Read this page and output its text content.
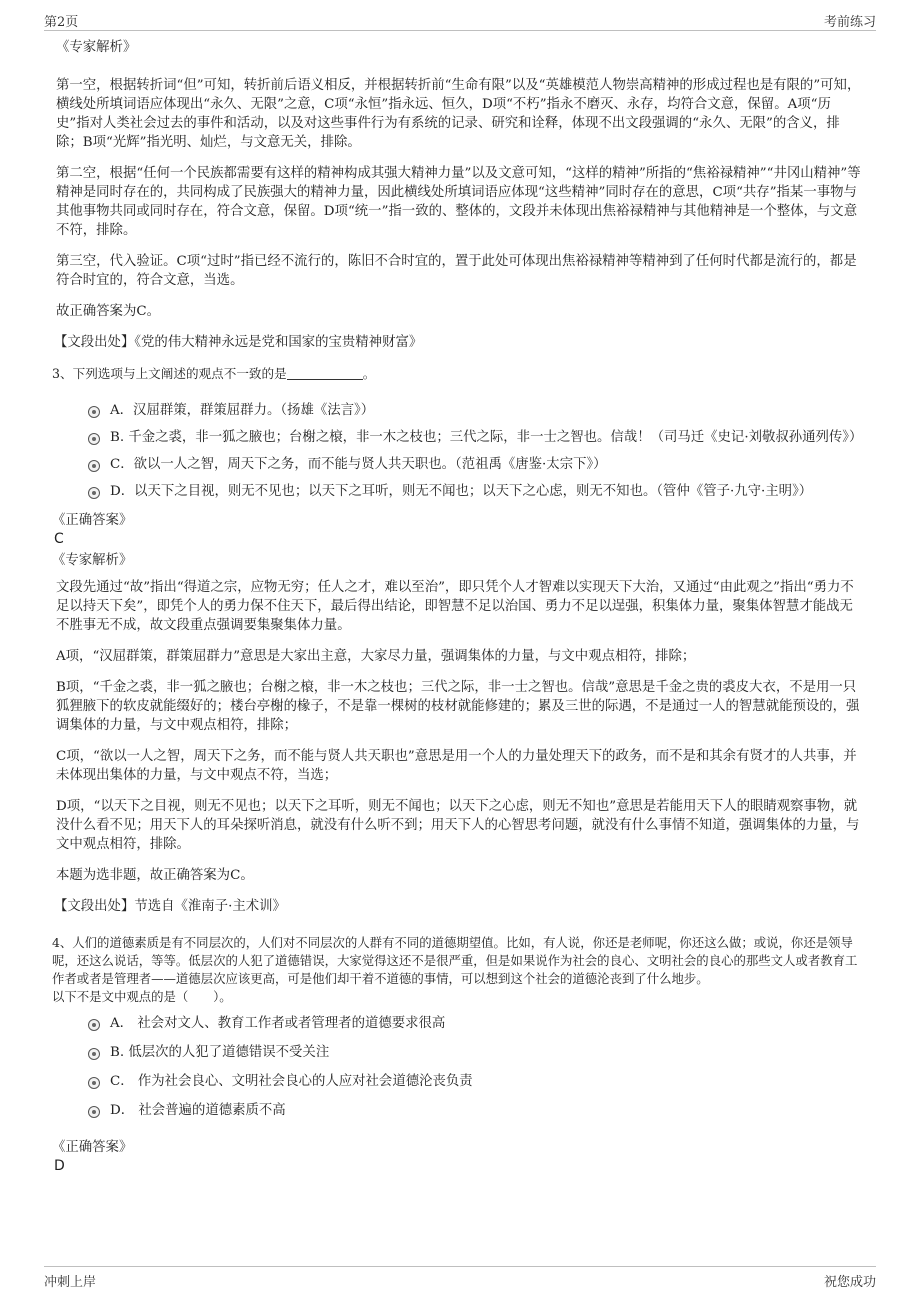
第2页	考前练习

《专家解析》

第一空，根据转折词“但”可知，转折前后语义相反，并根据转折前“生命有限”以及“英雄模范人物崇高精神的形成过程也是有限的”可知，横线处所填词语应体现出“永久、无限”之意，C项“永恒”指永远、恒久，D项“不朽”指永不磨灭、永存，均符合文意，保留。A项“历史”指对人类社会过去的事件和活动，以及对这些事件行为有系统的记录、研究和诠释，体现不出文段强调的“永久、无限”的含义，排除；B项“光辉”指光明、灿烂，与文意无关，排除。

第二空，根据“任何一个民族都需要有这样的精神构成其强大精神力量”以及文意可知，“这样的精神”所指的“焦裕禄精神”“井冈山精神”等精神是同时存在的，共同构成了民族强大的精神力量，因此横线处所填词语应体现“这些精神”同时存在的意思，C项“共存”指某一事物与其他事物共同或同时存在，符合文意，保留。D项“统一”指一致的、整体的，文段并未体现出焦裕禄精神与其他精神是一个整体，与文意不符，排除。

第三空，代入验证。C项“过时”指已经不流行的，陈旧不合时宜的，置于此处可体现出焦裕禄精神等精神到了任何时代都是流行的，都是符合时宜的，符合文意，当选。

故正确答案为C。

【文段出处】《党的伟大精神永远是党和国家的宝贵精神财富》

3、下列选项与上文阐述的观点不一致的是	。
A．汉屈群策，群策屈群力。（扬雄《法言》）
B. 千金之裘，非一狐之腋也；台榭之榱，非一木之枝也；三代之际，非一士之智也。信哉！（司马迁《史记·刘敬叔孙通列传》）
C．欲以一人之智，周天下之务，而不能与贤人共天职也。（范祖禹《唐鉴·太宗下》）
D．以天下之目视，则无不见也；以天下之耳听，则无不闻也；以天下之心虑，则无不知也。（管仲《管子·九守·主明》）

《正确答案》

C

《专家解析》

文段先通过“故”指出“得道之宗，应物无穷；任人之才，难以至治”，即只凭个人才智难以实现天下大治，又通过“由此观之”指出“勇力不足以持天下矣”，即凭个人的勇力保不住天下，最后得出结论，即智慧不足以治国、勇力不足以逞强，积集体力量，聚集体智慧才能战无不胜事无不成，故文段重点强调要集聚集体力量。

A项，“汉屈群策，群策屈群力”意思是大家出主意，大家尽力量，强调集体的力量，与文中观点相符，排除；

B项，“千金之裘，非一狐之腋也；台榭之榱，非一木之枝也；三代之际，非一士之智也。信哉”意思是千金之贵的裘皮大衣，不是用一只狐狸腋下的软皮就能缀好的；楼台亭榭的椽子，不是靠一棵树的枝材就能修建的；累及三世的际遇，不是通过一人的智慧就能预设的，强调集体的力量，与文中观点相符，排除；

C项，“欲以一人之智，周天下之务，而不能与贤人共天职也”意思是用一个人的力量处理天下的政务，而不是和其余有贤才的人共事，并未体现出集体的力量，与文中观点不符，当选；

D项，“以天下之目视，则无不见也；以天下之耳听，则无不闻也；以天下之心虑，则无不知也”意思是若能用天下人的眼睛观察事物，就没什么看不见；用天下人的耳朵探听消息，就没有什么听不到；用天下人的心智思考问题，就没有什么事情不知道，强调集体的力量，与文中观点相符，排除。

本题为选非题，故正确答案为C。

【文段出处】节选自《淮南子·主术训》

4、人们的道德素质是有不同层次的，人们对不同层次的人群有不同的道德期望值。比如，有人说，你还是老师呢，你还这么做；或说，你还是领导呢，还这么说话，等等。低层次的人犯了道德错误，大家觉得这还不是很严重，但是如果说作为社会的良心、文明社会的良心的那些文人或者教育工作者或者是管理者——道德层次应该更高，可是他们却干着不道德的事情，可以想到这个社会的道德沦丧到了什么地步。

以下不是文中观点的是（　　）。

A． 社会对文人、教育工作者或者管理者的道德要求很高
B. 低层次的人犯了道德错误不受关注
C． 作为社会良心、文明社会良心的人应对社会道德沦丧负责
D． 社会普遍的道德素质不高

《正确答案》

D

冲刺上岸	祝您成功
